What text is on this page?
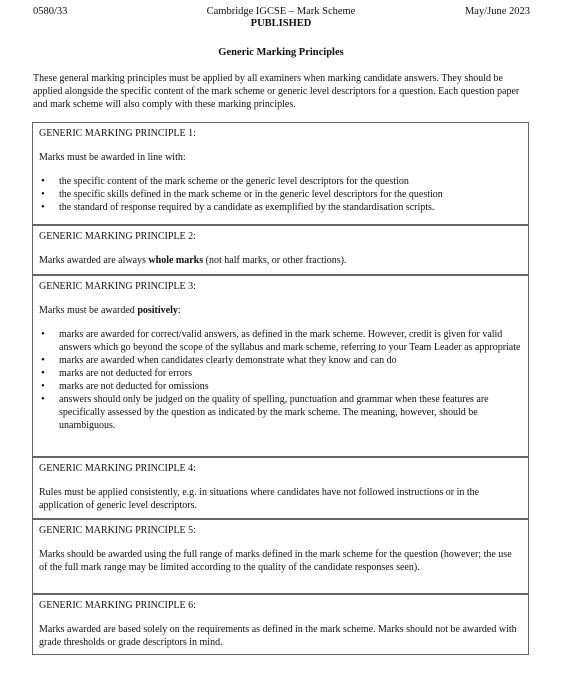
0580/33	Cambridge IGCSE – Mark Scheme
PUBLISHED
May/June 2023
Generic Marking Principles
These general marking principles must be applied by all examiners when marking candidate answers. They should be applied alongside the specific content of the mark scheme or generic level descriptors for a question. Each question paper and mark scheme will also comply with these marking principles.
GENERIC MARKING PRINCIPLE 1:

Marks must be awarded in line with:

• the specific content of the mark scheme or the generic level descriptors for the question
• the specific skills defined in the mark scheme or in the generic level descriptors for the question
• the standard of response required by a candidate as exemplified by the standardisation scripts.
GENERIC MARKING PRINCIPLE 2:

Marks awarded are always whole marks (not half marks, or other fractions).

GENERIC MARKING PRINCIPLE 3:

Marks must be awarded positively:

• marks are awarded for correct/valid answers, as defined in the mark scheme. However, credit is given for valid answers which go beyond the scope of the syllabus and mark scheme, referring to your Team Leader as appropriate
• marks are awarded when candidates clearly demonstrate what they know and can do
• marks are not deducted for errors
• marks are not deducted for omissions
• answers should only be judged on the quality of spelling, punctuation and grammar when these features are specifically assessed by the question as indicated by the mark scheme. The meaning, however, should be unambiguous.
GENERIC MARKING PRINCIPLE 4:

Rules must be applied consistently, e.g. in situations where candidates have not followed instructions or in the application of generic level descriptors.

GENERIC MARKING PRINCIPLE 5:

Marks should be awarded using the full range of marks defined in the mark scheme for the question (however; the use of the full mark range may be limited according to the quality of the candidate responses seen).

GENERIC MARKING PRINCIPLE 6:

Marks awarded are based solely on the requirements as defined in the mark scheme. Marks should not be awarded with grade thresholds or grade descriptors in mind.
